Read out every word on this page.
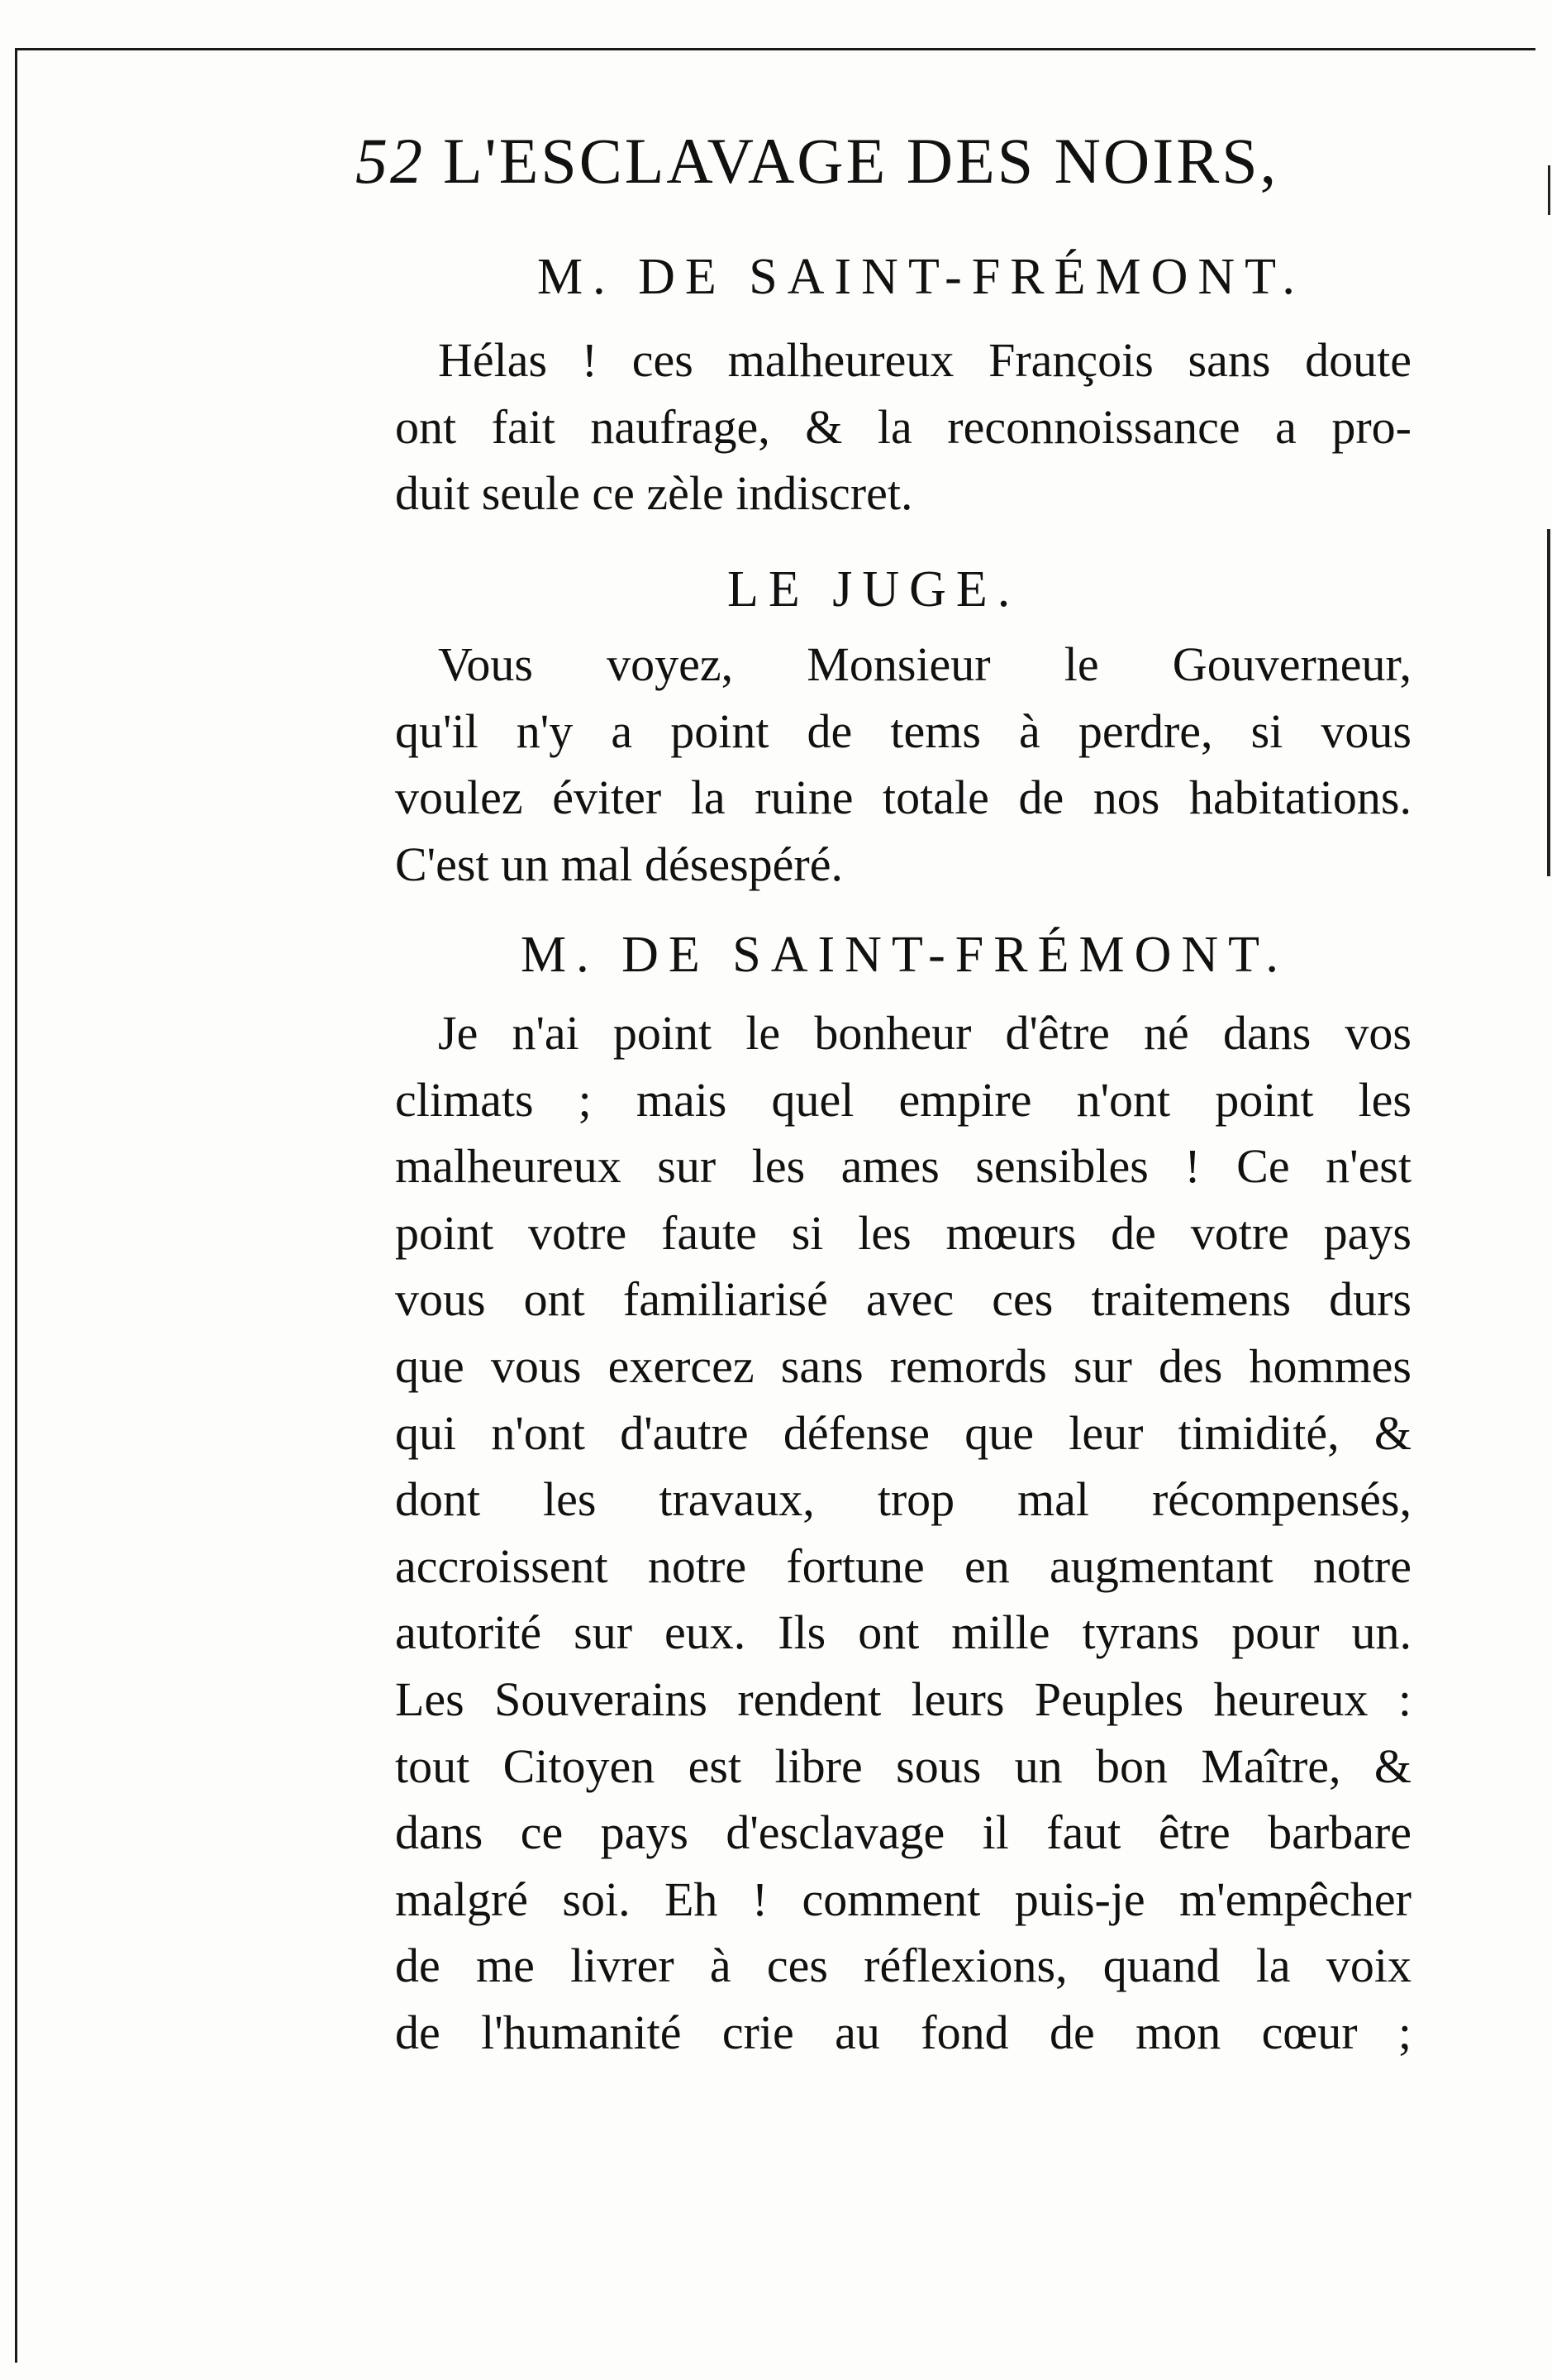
52 L'ESCLAVAGE DES NOIRS,
M. DE SAINT-FRÉMONT.
Hélas ! ces malheureux François sans doute
ont fait naufrage, & la reconnoissance a pro-
duit seule ce zèle indiscret.
LE JUGE.
Vous voyez, Monsieur le Gouverneur,
qu'il n'y a point de tems à perdre, si vous
voulez éviter la ruine totale de nos habitations.
C'est un mal désespéré.
M. DE SAINT-FRÉMONT.
Je n'ai point le bonheur d'être né dans vos
climats ; mais quel empire n'ont point les
malheureux sur les ames sensibles ! Ce n'est
point votre faute si les mœurs de votre pays
vous ont familiarisé avec ces traitemens durs
que vous exercez sans remords sur des hommes
qui n'ont d'autre défense que leur timidité, &
dont les travaux, trop mal récompensés,
accroissent notre fortune en augmentant notre
autorité sur eux. Ils ont mille tyrans pour un.
Les Souverains rendent leurs Peuples heureux :
tout Citoyen est libre sous un bon Maître, &
dans ce pays d'esclavage il faut être barbare
malgré soi. Eh ! comment puis-je m'empêcher
de me livrer à ces réflexions, quand la voix
de l'humanité crie au fond de mon cœur ;
